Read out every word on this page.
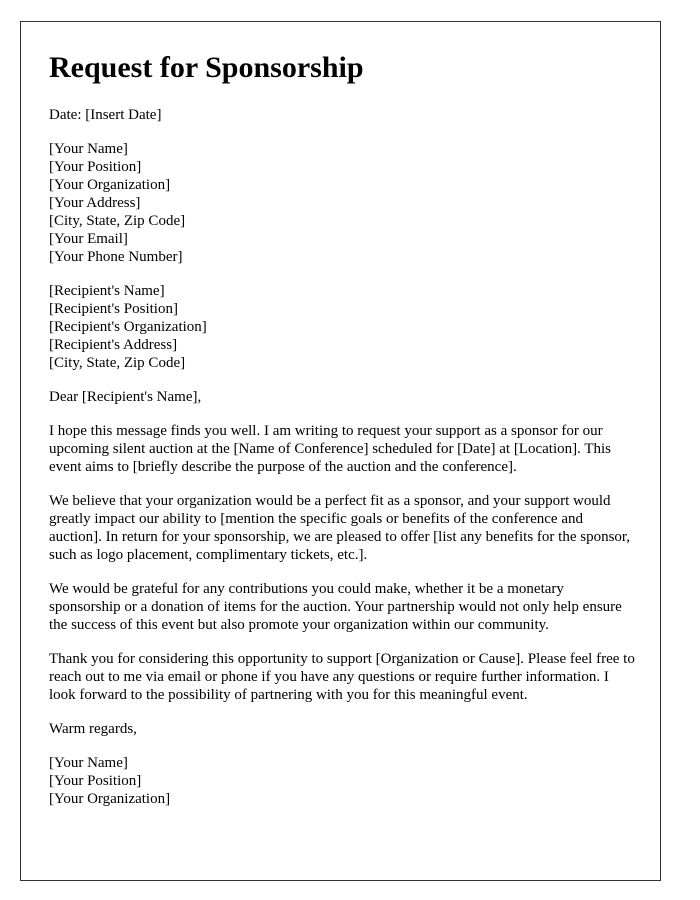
Request for Sponsorship
Date: [Insert Date]
[Your Name]
[Your Position]
[Your Organization]
[Your Address]
[City, State, Zip Code]
[Your Email]
[Your Phone Number]
[Recipient's Name]
[Recipient's Position]
[Recipient's Organization]
[Recipient's Address]
[City, State, Zip Code]

Dear [Recipient's Name],

I hope this message finds you well. I am writing to request your support as a sponsor for our upcoming silent auction at the [Name of Conference] scheduled for [Date] at [Location]. This event aims to [briefly describe the purpose of the auction and the conference].

We believe that your organization would be a perfect fit as a sponsor, and your support would greatly impact our ability to [mention the specific goals or benefits of the conference and auction]. In return for your sponsorship, we are pleased to offer [list any benefits for the sponsor, such as logo placement, complimentary tickets, etc.].

We would be grateful for any contributions you could make, whether it be a monetary sponsorship or a donation of items for the auction. Your partnership would not only help ensure the success of this event but also promote your organization within our community.

Thank you for considering this opportunity to support [Organization or Cause]. Please feel free to reach out to me via email or phone if you have any questions or require further information. I look forward to the possibility of partnering with you for this meaningful event.

Warm regards,

[Your Name]
[Your Position]
[Your Organization]
